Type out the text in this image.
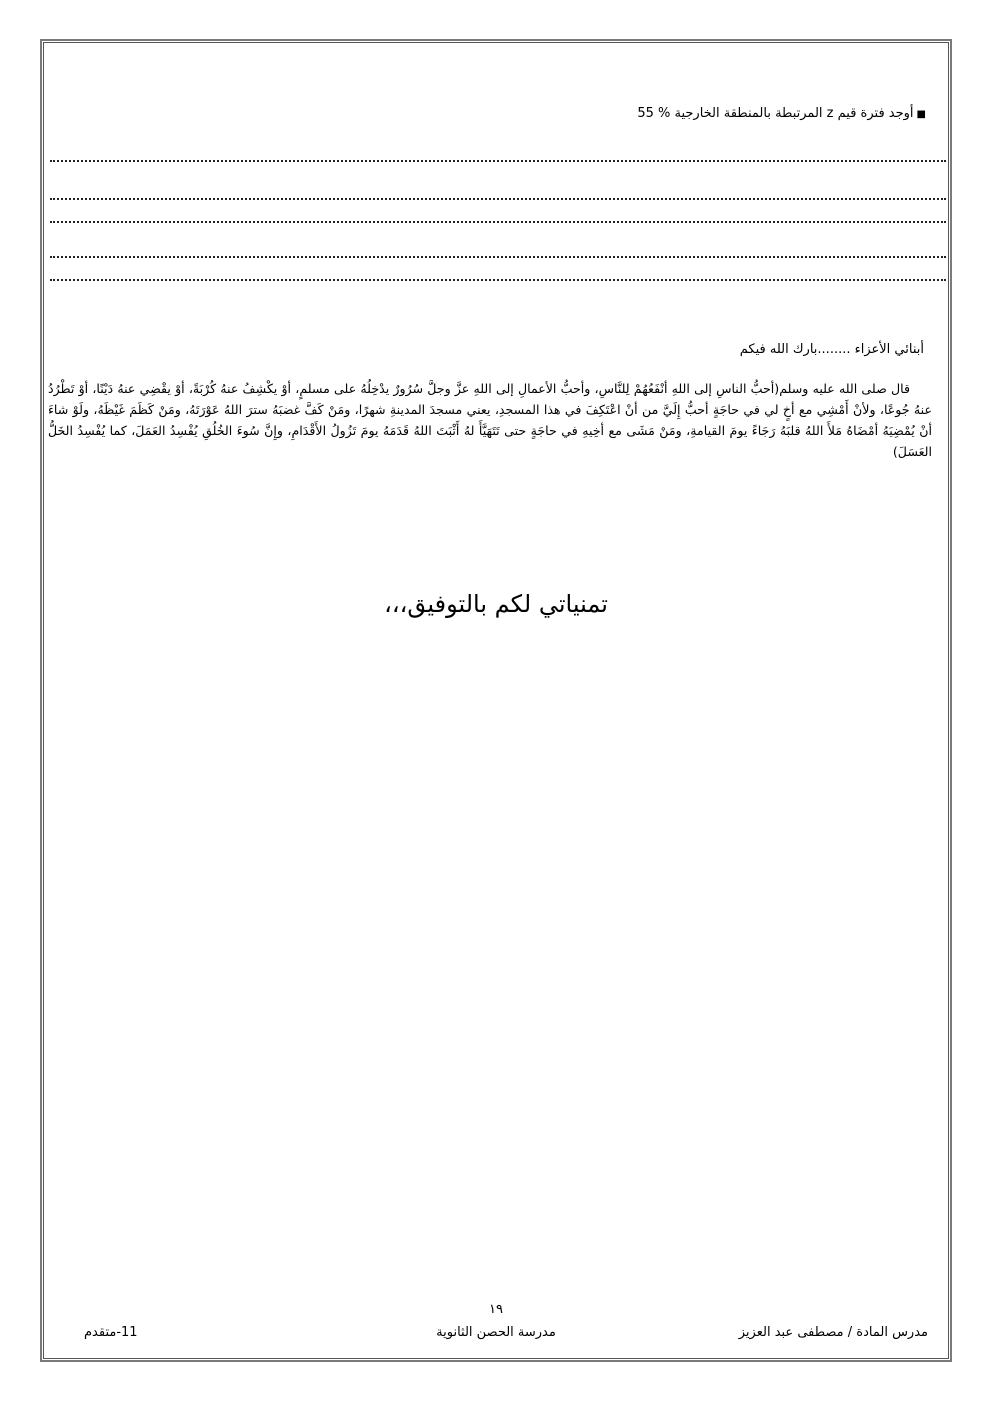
■أوجد فترة قيم z المرتبطة بالمنطقة الخارجية % 55
أبنائي الأعزاء ........بارك الله فيكم

قال صلى الله عليه وسلم(أحبُّ الناسِ إلى اللهِ أنْفَعُهُمْ لِلنَّاسِ، وأحبُّ الأعمالِ إلى اللهِ عزَّ وجلَّ سُرُورٌ يدْخِلُهُ على مسلمٍ، أوْ يكْشِفُ عنهُ كُرْبَةً، أوْ يقْضِي عنهُ دَيْنًا، أوْ تَطْرُدُ عنهُ جُوعًا، ولأنْ أَمْشِي مع أخٍ لي في حاجَةٍ أحبُّ إِلَيَّ من أنْ اعْتَكِفَ في هذا المسجدِ، يعني مسجدَ المدينةِ شهرًا، ومَنْ كَفَّ غضبَهُ سترَ اللهُ عَوْرَتَهُ، ومَنْ كَظَمَ غَيْظَهُ، ولَوْ شاءَ أنْ يُمْضِيَهُ أمْضَاهُ مَلأَ اللهُ قلبَهُ رَجَاءً يومَ القيامةِ، ومَنْ مَشَى مع أخِيهِ في حاجَةٍ حتى تَتَهَيَّأَ لهُ أَثْبَتَ اللهُ قَدَمَهُ يومَ تَزُولُ الأَقْدَامِ، وإِنَّ سُوءَ الخُلُقِ يُفْسِدُ العَمَلَ، كما يُفْسِدُ الخَلُّ العَسَلَ)

تمنياتي لكم بالتوفيق،،،
١٩
مدرس المادة / مصطفى عبد العزيز
مدرسة الحصن الثانوية
11-متقدم
